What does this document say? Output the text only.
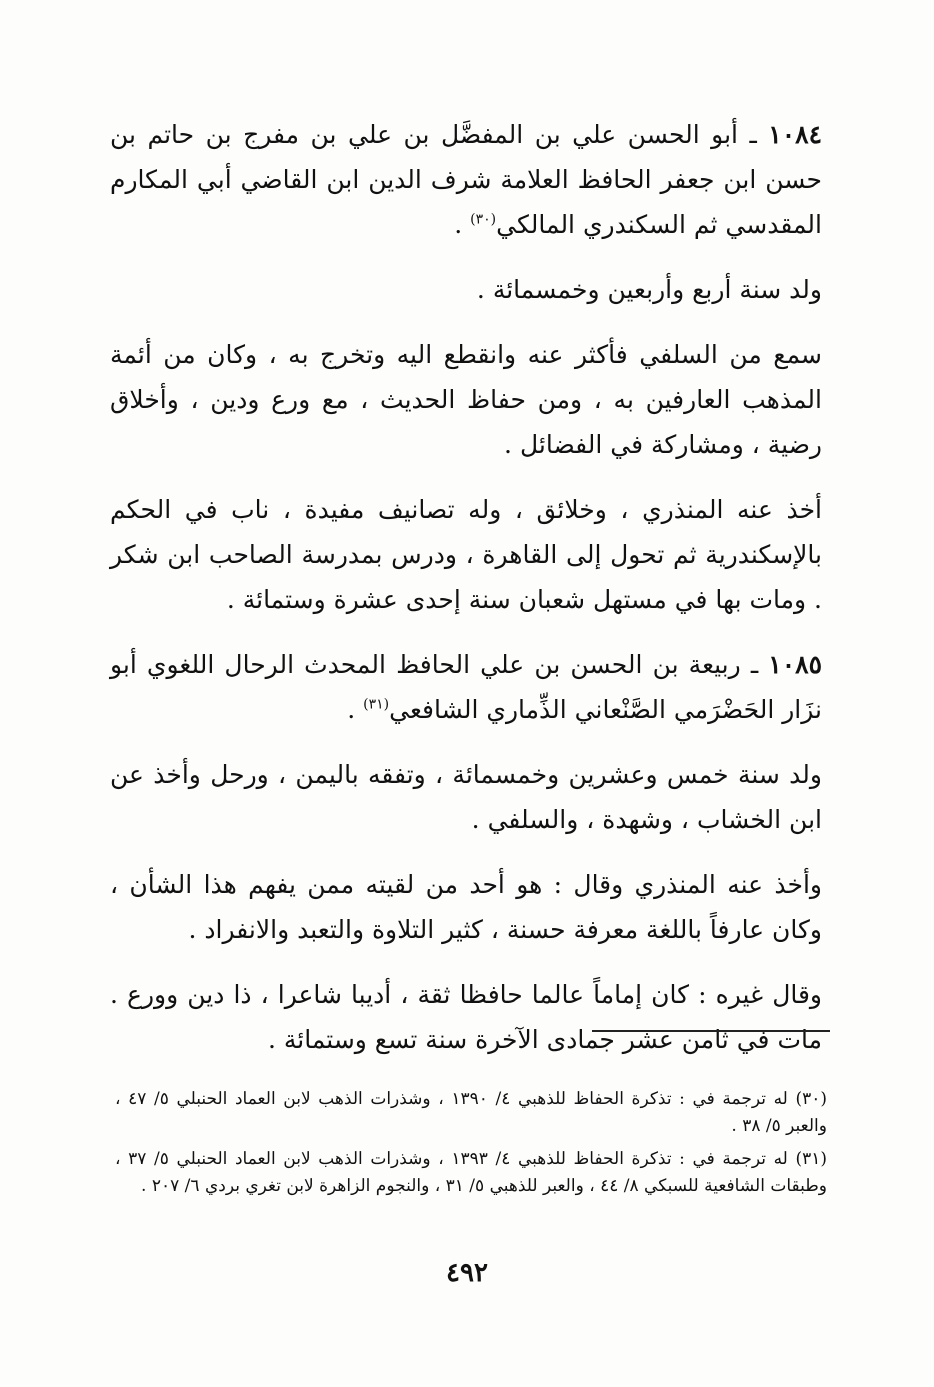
١٠٨٤ ـ أبو الحسن علي بن المفضَّل بن علي بن مفرج بن حاتم بن حسن ابن جعفر الحافظ العلامة شرف الدين ابن القاضي أبي المكارم المقدسي ثم السكندري المالكي$^{(٣٠)}$ .

ولد سنة أربع وأربعين وخمسمائة .

سمع من السلفي فأكثر عنه وانقطع اليه وتخرج به ، وكان من أئمة المذهب العارفين به ، ومن حفاظ الحديث ، مع ورع ودين ، وأخلاق رضية ، ومشاركة في الفضائل .

أخذ عنه المنذري ، وخلائق ، وله تصانيف مفيدة ، ناب في الحكم بالإسكندرية ثم تحول إلى القاهرة ، ودرس بمدرسة الصاحب ابن شكر . ومات بها في مستهل شعبان سنة إحدى عشرة وستمائة .

١٠٨٥ ـ ربيعة بن الحسن بن علي الحافظ المحدث الرحال اللغوي أبو نزَار الحَضْرَمي الصَّنْعاني الذِّماري الشافعي$^{(٣١)}$ .

ولد سنة خمس وعشرين وخمسمائة ، وتفقه باليمن ، ورحل وأخذ عن ابن الخشاب ، وشهدة ، والسلفي .

وأخذ عنه المنذري وقال : هو أحد من لقيته ممن يفهم هذا الشأن ، وكان عارفاً باللغة معرفة حسنة ، كثير التلاوة والتعبد والانفراد .

وقال غيره : كان إماماً عالما حافظا ثقة ، أديبا شاعرا ، ذا دين وورع . مات في ثامن عشر جمادى الآخرة سنة تسع وستمائة .

(٣٠) له ترجمة في : تذكرة الحفاظ للذهبي ٤/ ١٣٩٠ ، وشذرات الذهب لابن العماد الحنبلي ٥/ ٤٧ ، والعبر ٥/ ٣٨ .

(٣١) له ترجمة في : تذكرة الحفاظ للذهبي ٤/ ١٣٩٣ ، وشذرات الذهب لابن العماد الحنبلي ٥/ ٣٧ ، وطبقات الشافعية للسبكي ٨/ ٤٤ ، والعبر للذهبي ٥/ ٣١ ، والنجوم الزاهرة لابن تغري بردي ٦/ ٢٠٧ .

٤٩٢
